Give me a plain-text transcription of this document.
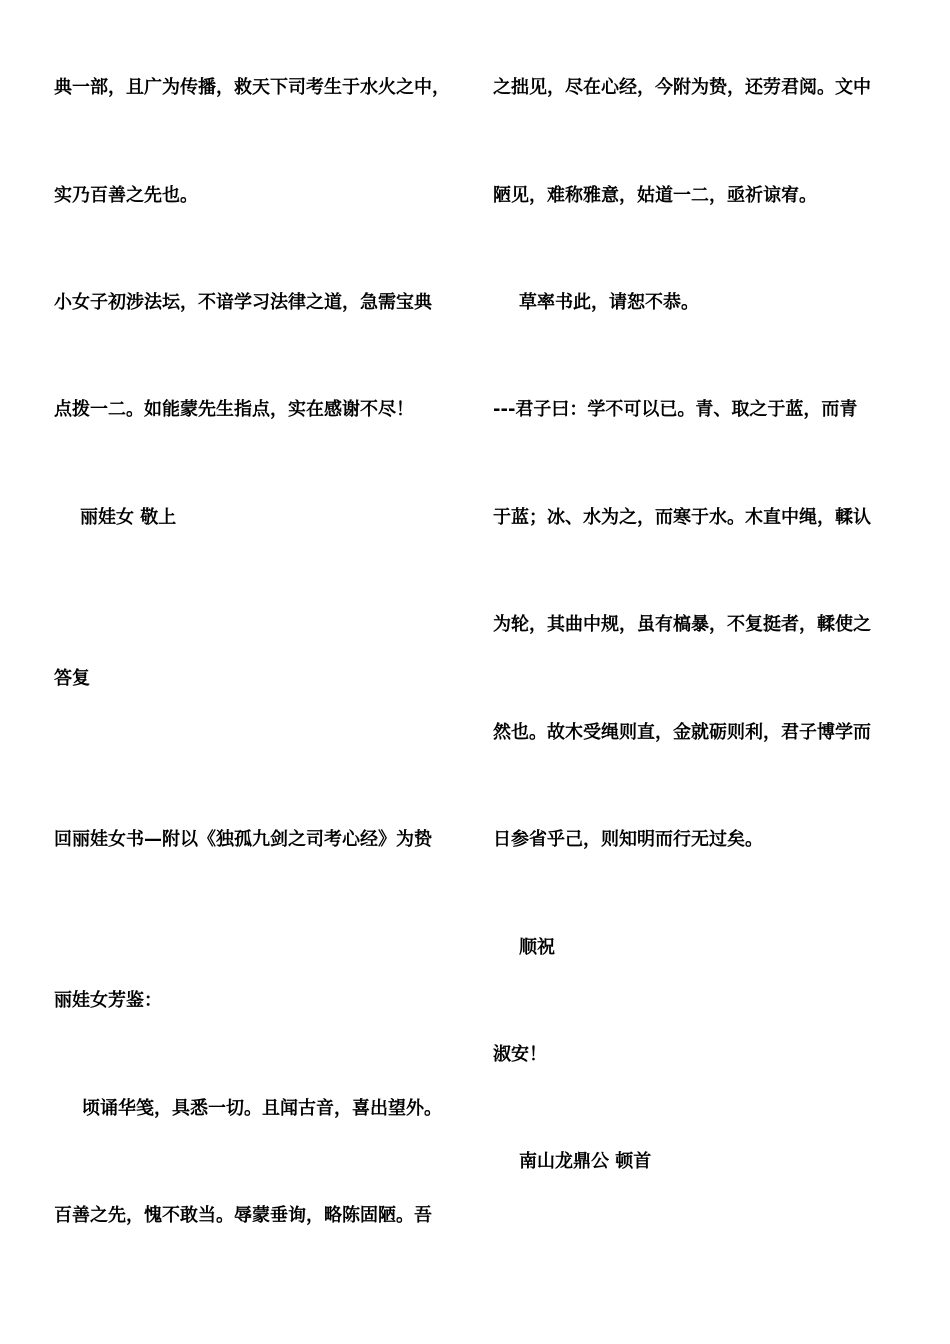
典一部，且广为传播，救天下司考生于水火之中，
实乃百善之先也。
小女子初涉法坛，不谙学习法律之道，急需宝典
点拨一二。如能蒙先生指点，实在感谢不尽！
丽娃女 敬上
答复
回丽娃女书—附以《独孤九剑之司考心经》为贽
丽娃女芳鉴：
顷诵华笺，具悉一切。且闻古音，喜出望外。
百善之先，愧不敢当。辱蒙垂询，略陈固陋。吾
之拙见，尽在心经，今附为贽，还劳君阅。文中
陋见，难称雅意，姑道一二，亟祈谅宥。
草率书此，请恕不恭。
---君子曰：学不可以已。青、取之于蓝，而青
于蓝；冰、水为之，而寒于水。木直中绳，輮认
为轮，其曲中规，虽有槁暴，不复挺者，輮使之
然也。故木受绳则直，金就砺则利，君子博学而
日参省乎己，则知明而行无过矣。
顺祝
淑安！
南山龙鼎公 顿首
